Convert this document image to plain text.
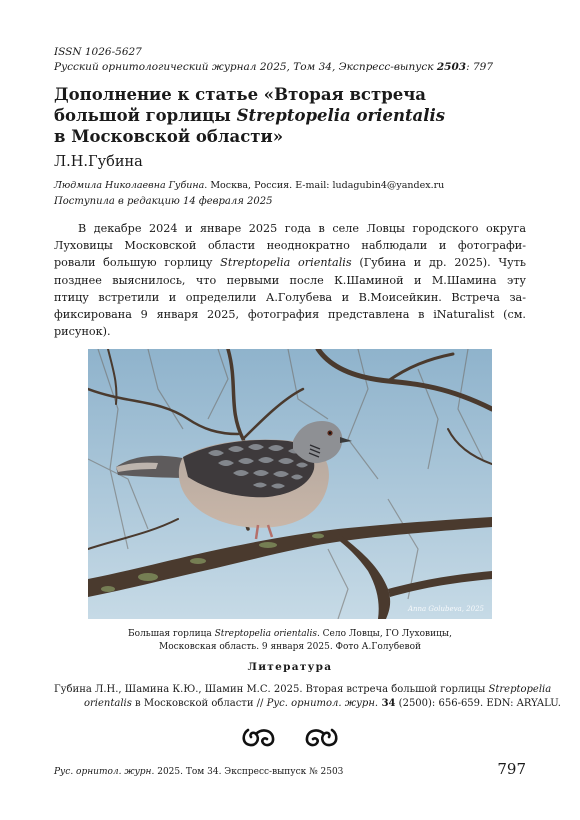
ISSN 1026-5627
Русский орнитологический журнал 2025, Том 34, Экспресс-выпуск 2503: 797
Дополнение к статье «Вторая встреча
большой горлицы Streptopelia orientalis
в Московской области»
Л.Н.Губина
Людмила Николаевна Губина. Москва, Россия. E-mail: ludagubin4@yandex.ru
Поступила в редакцию 14 февраля 2025
В декабре 2024 и январе 2025 года в селе Ловцы городского округа
Луховицы Московской области неоднократно наблюдали и фотографи-
ровали большую горлицу Streptopelia orientalis (Губина и др. 2025). Чуть
позднее выяснилось, что первыми после К.Шаминой и М.Шамина эту
птицу встретили и определили А.Голубева и В.Моисейкин. Встреча за-
фиксирована 9 января 2025, фотография представлена в iNaturalist (см.
рисунок).
Anna Golubeva, 2025
Большая горлица Streptopelia orientalis. Село Ловцы, ГО Луховицы,
Московская область. 9 января 2025. Фото А.Голубевой
Литература
Губина Л.Н., Шамина К.Ю., Шамин М.С. 2025. Вторая встреча большой горлицы Streptopelia
orientalis в Московской области // Рус. орнитол. журн. 34 (2500): 656-659. EDN: ARYALU.
Рус. орнитол. журн. 2025. Том 34. Экспресс-выпуск № 2503	797
